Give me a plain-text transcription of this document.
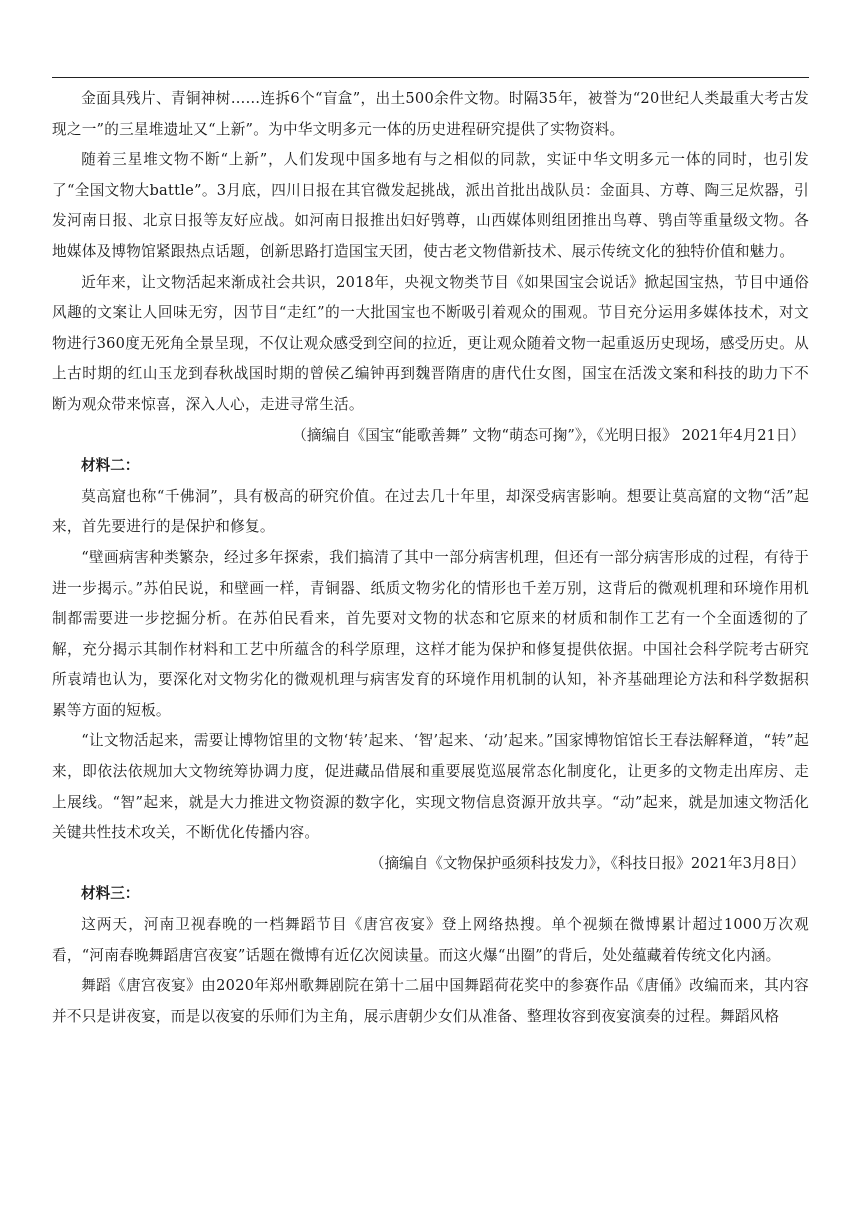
金面具残片、青铜神树……连拆6个“盲盒”，出土500余件文物。时隔35年，被誉为“20世纪人类最重大考古发现之一”的三星堆遗址又“上新”。为中华文明多元一体的历史进程研究提供了实物资料。

随着三星堆文物不断“上新”，人们发现中国多地有与之相似的同款，实证中华文明多元一体的同时，也引发了“全国文物大battle”。3月底，四川日报在其官微发起挑战，派出首批出战队员：金面具、方尊、陶三足炊器，引发河南日报、北京日报等友好应战。如河南日报推出妇好鸮尊，山西媒体则组团推出鸟尊、鸮卣等重量级文物。各地媒体及博物馆紧跟热点话题，创新思路打造国宝天团，使古老文物借新技术、展示传统文化的独特价值和魅力。

近年来，让文物活起来渐成社会共识，2018年，央视文物类节目《如果国宝会说话》掀起国宝热，节目中通俗风趣的文案让人回味无穷，因节目“走红”的一大批国宝也不断吸引着观众的围观。节目充分运用多媒体技术，对文物进行360度无死角全景呈现，不仅让观众感受到空间的拉近，更让观众随着文物一起重返历史现场，感受历史。从上古时期的红山玉龙到春秋战国时期的曾侯乙编钟再到魏晋隋唐的唐代仕女图，国宝在活泼文案和科技的助力下不断为观众带来惊喜，深入人心，走进寻常生活。

（摘编自《国宝“能歌善舞” 文物“萌态可掬”》，《光明日报》 2021年4月21日）

材料二：

莫高窟也称“千佛洞”，具有极高的研究价值。在过去几十年里，却深受病害影响。想要让莫高窟的文物“活”起来，首先要进行的是保护和修复。

“壁画病害种类繁杂，经过多年探索，我们搞清了其中一部分病害机理，但还有一部分病害形成的过程，有待于进一步揭示。”苏伯民说，和壁画一样，青铜器、纸质文物劣化的情形也千差万别，这背后的微观机理和环境作用机制都需要进一步挖掘分析。在苏伯民看来，首先要对文物的状态和它原来的材质和制作工艺有一个全面透彻的了解，充分揭示其制作材料和工艺中所蕴含的科学原理，这样才能为保护和修复提供依据。中国社会科学院考古研究所袁靖也认为，要深化对文物劣化的微观机理与病害发育的环境作用机制的认知，补齐基础理论方法和科学数据积累等方面的短板。

“让文物活起来，需要让博物馆里的文物‘转’起来、‘智’起来、‘动’起来。”国家博物馆馆长王春法解释道，“转”起来，即依法依规加大文物统筹协调力度，促进藏品借展和重要展览巡展常态化制度化，让更多的文物走出库房、走上展线。“智”起来，就是大力推进文物资源的数字化，实现文物信息资源开放共享。“动”起来，就是加速文物活化关键共性技术攻关，不断优化传播内容。

（摘编自《文物保护亟须科技发力》，《科技日报》2021年3月8日）

材料三：

这两天，河南卫视春晚的一档舞蹈节目《唐宫夜宴》登上网络热搜。单个视频在微博累计超过1000万次观看，“河南春晚舞蹈唐宫夜宴”话题在微博有近亿次阅读量。而这火爆“出圈”的背后，处处蕴藏着传统文化内涵。

舞蹈《唐宫夜宴》由2020年郑州歌舞剧院在第十二届中国舞蹈荷花奖中的参赛作品《唐俑》改编而来，其内容并不只是讲夜宴，而是以夜宴的乐师们为主角，展示唐朝少女们从准备、整理妆容到夜宴演奏的过程。舞蹈风格
